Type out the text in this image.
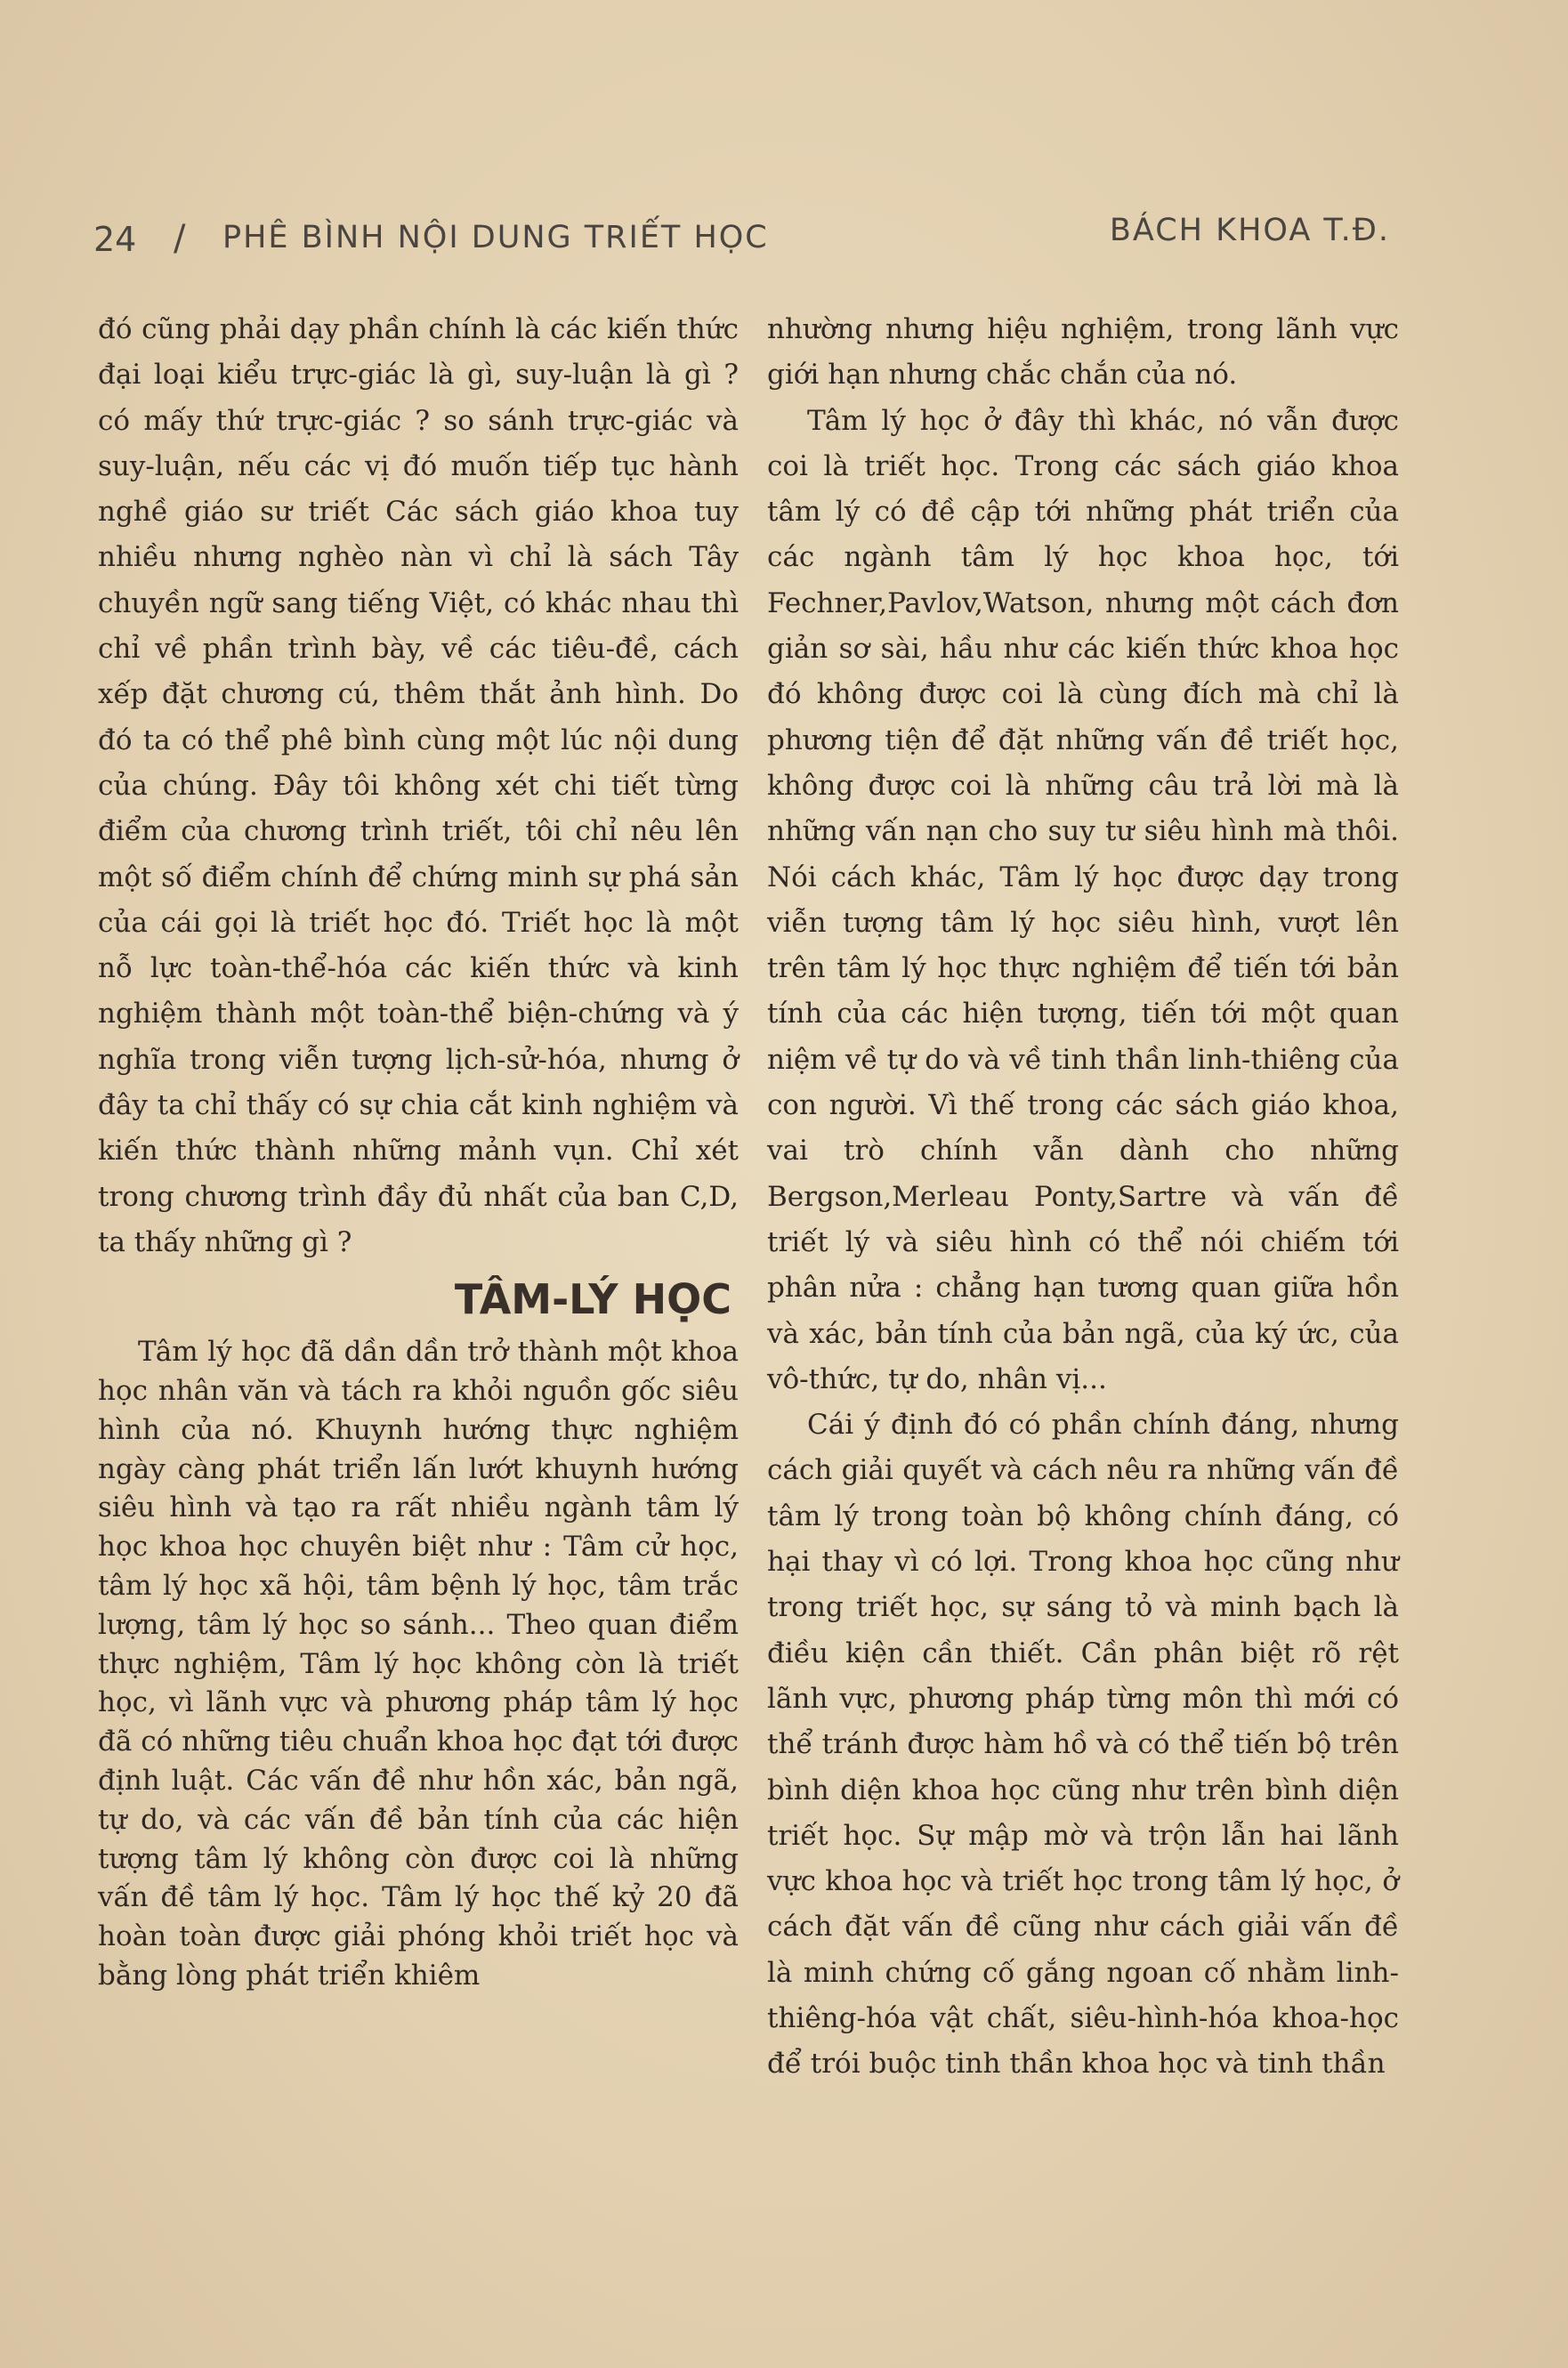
24 / PHÊ BÌNH NỘI DUNG TRIẾT HỌC	BÁCH KHOA T.Đ.

đó cũng phải dạy phần chính là các kiến thức đại loại kiểu trực-giác là gì, suy-luận là gì ? có mấy thứ trực-giác ? so sánh trực-giác và suy-luận, nếu các vị đó muốn tiếp tục hành nghề giáo sư triết Các sách giáo khoa tuy nhiều nhưng nghèo nàn vì chỉ là sách Tây chuyền ngữ sang tiếng Việt, có khác nhau thì chỉ về phần trình bày, về các tiêu-đề, cách xếp đặt chương cú, thêm thắt ảnh hình. Do đó ta có thể phê bình cùng một lúc nội dung của chúng. Đây tôi không xét chi tiết từng điểm của chương trình triết, tôi chỉ nêu lên một số điểm chính để chứng minh sự phá sản của cái gọi là triết học đó. Triết học là một nỗ lực toàn-thể-hóa các kiến thức và kinh nghiệm thành một toàn-thể biện-chứng và ý nghĩa trong viễn tượng lịch-sử-hóa, nhưng ở đây ta chỉ thấy có sự chia cắt kinh nghiệm và kiến thức thành những mảnh vụn. Chỉ xét trong chương trình đầy đủ nhất của ban C,D, ta thấy những gì ?

TÂM-LÝ HỌC

Tâm lý học đã dần dần trở thành một khoa học nhân văn và tách ra khỏi nguồn gốc siêu hình của nó. Khuynh hướng thực nghiệm ngày càng phát triển lấn lướt khuynh hướng siêu hình và tạo ra rất nhiều ngành tâm lý học khoa học chuyên biệt như : Tâm cử học, tâm lý học xã hội, tâm bệnh lý học, tâm trắc lượng, tâm lý học so sánh... Theo quan điểm thực nghiệm, Tâm lý học không còn là triết học, vì lãnh vực và phương pháp tâm lý học đã có những tiêu chuẩn khoa học đạt tới được định luật. Các vấn đề như hồn xác, bản ngã, tự do, và các vấn đề bản tính của các hiện tượng tâm lý không còn được coi là những vấn đề tâm lý học. Tâm lý học thế kỷ 20 đã hoàn toàn được giải phóng khỏi triết học và bằng lòng phát triển khiêm

nhường nhưng hiệu nghiệm, trong lãnh vực giới hạn nhưng chắc chắn của nó.

Tâm lý học ở đây thì khác, nó vẫn được coi là triết học. Trong các sách giáo khoa tâm lý có đề cập tới những phát triển của các ngành tâm lý học khoa học, tới Fechner,Pavlov,Watson, nhưng một cách đơn giản sơ sài, hầu như các kiến thức khoa học đó không được coi là cùng đích mà chỉ là phương tiện để đặt những vấn đề triết học, không được coi là những câu trả lời mà là những vấn nạn cho suy tư siêu hình mà thôi. Nói cách khác, Tâm lý học được dạy trong viễn tượng tâm lý học siêu hình, vượt lên trên tâm lý học thực nghiệm để tiến tới bản tính của các hiện tượng, tiến tới một quan niệm về tự do và về tinh thần linh-thiêng của con người. Vì thế trong các sách giáo khoa, vai trò chính vẫn dành cho những Bergson,Merleau Ponty,Sartre và vấn đề triết lý và siêu hình có thể nói chiếm tới phân nửa : chẳng hạn tương quan giữa hồn và xác, bản tính của bản ngã, của ký ức, của vô-thức, tự do, nhân vị...

Cái ý định đó có phần chính đáng, nhưng cách giải quyết và cách nêu ra những vấn đề tâm lý trong toàn bộ không chính đáng, có hại thay vì có lợi. Trong khoa học cũng như trong triết học, sự sáng tỏ và minh bạch là điều kiện cần thiết. Cần phân biệt rõ rệt lãnh vực, phương pháp từng môn thì mới có thể tránh được hàm hồ và có thể tiến bộ trên bình diện khoa học cũng như trên bình diện triết học. Sự mập mờ và trộn lẫn hai lãnh vực khoa học và triết học trong tâm lý học, ở cách đặt vấn đề cũng như cách giải vấn đề là minh chứng cố gắng ngoan cố nhằm linh-thiêng-hóa vật chất, siêu-hình-hóa khoa-học để trói buộc tinh thần khoa học và tinh thần
